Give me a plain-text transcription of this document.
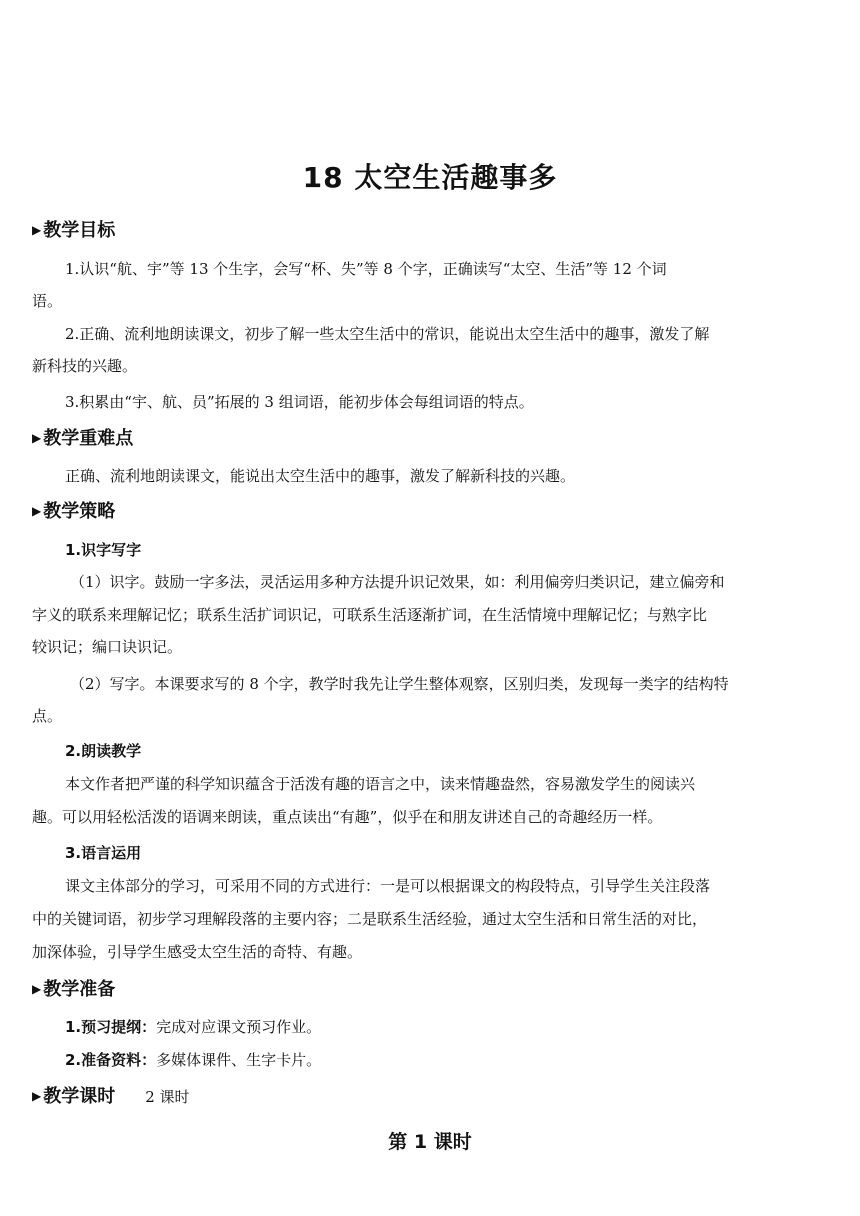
18 太空生活趣事多
▶ 教学目标
1.认识“航、宇”等 13 个生字，会写“杯、失”等 8 个字，正确读写“太空、生活”等 12 个词
语。
2.正确、流利地朗读课文，初步了解一些太空生活中的常识，能说出太空生活中的趣事，激发了解
新科技的兴趣。
3.积累由“宇、航、员”拓展的 3 组词语，能初步体会每组词语的特点。
▶ 教学重难点
正确、流利地朗读课文，能说出太空生活中的趣事，激发了解新科技的兴趣。
▶ 教学策略
1.识字写字
（1）识字。鼓励一字多法，灵活运用多种方法提升识记效果，如：利用偏旁归类识记，建立偏旁和
字义的联系来理解记忆；联系生活扩词识记，可联系生活逐渐扩词，在生活情境中理解记忆；与熟字比
较识记；编口诀识记。
（2）写字。本课要求写的 8 个字，教学时我先让学生整体观察，区别归类，发现每一类字的结构特
点。
2.朗读教学
本文作者把严谨的科学知识蕴含于活泼有趣的语言之中，读来情趣盎然，容易激发学生的阅读兴
趣。可以用轻松活泼的语调来朗读，重点读出“有趣”，似乎在和朋友讲述自己的奇趣经历一样。
3.语言运用
课文主体部分的学习，可采用不同的方式进行：一是可以根据课文的构段特点，引导学生关注段落
中的关键词语，初步学习理解段落的主要内容；二是联系生活经验，通过太空生活和日常生活的对比，
加深体验，引导学生感受太空生活的奇特、有趣。
▶ 教学准备
1.预习提纲：完成对应课文预习作业。
2.准备资料：多媒体课件、生字卡片。
▶ 教学课时 2 课时
第 1 课时
